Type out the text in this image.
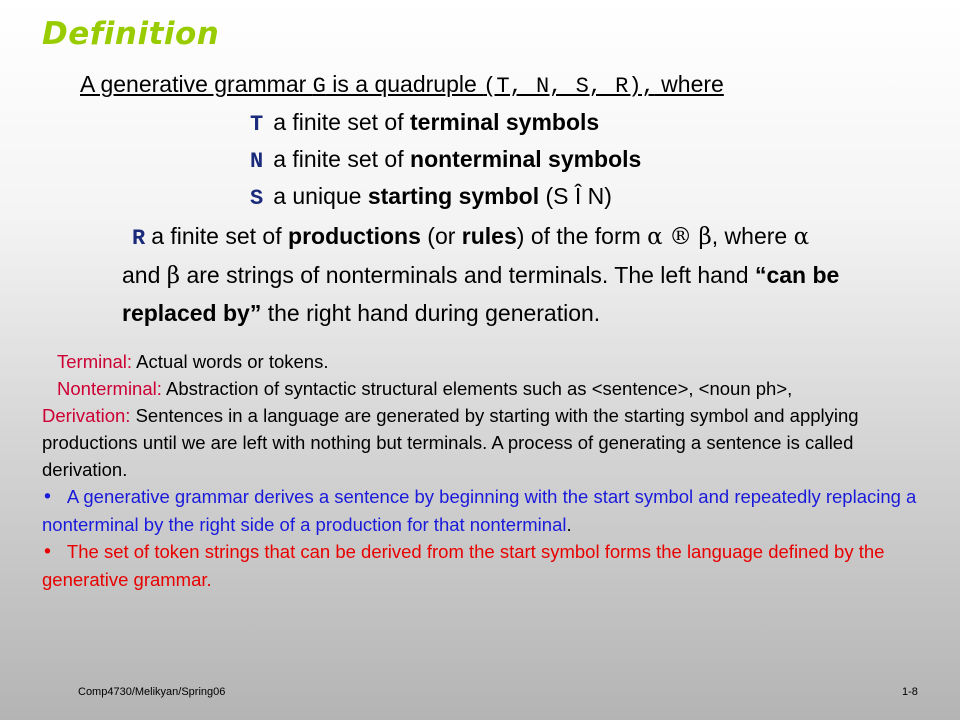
Definition
A generative grammar G is a quadruple (T, N, S, R), where
T a finite set of terminal symbols
N a finite set of nonterminal symbols
S a unique starting symbol (S Î N)
R a finite set of productions (or rules) of the form α ® β, where α
and β are strings of nonterminals and terminals. The left hand “can be replaced by” the right hand during generation.
Terminal: Actual words or tokens.
Nonterminal: Abstraction of syntactic structural elements such as <sentence>, <noun ph>,
Derivation: Sentences in a language are generated by starting with the starting symbol and applying productions until we are left with nothing but terminals. A process of generating a sentence is called derivation.
• A generative grammar derives a sentence by beginning with the start symbol and repeatedly replacing a nonterminal by the right side of a production for that nonterminal.
• The set of token strings that can be derived from the start symbol forms the language defined by the generative grammar.
Comp4730/Melikyan/Spring06	1-8
